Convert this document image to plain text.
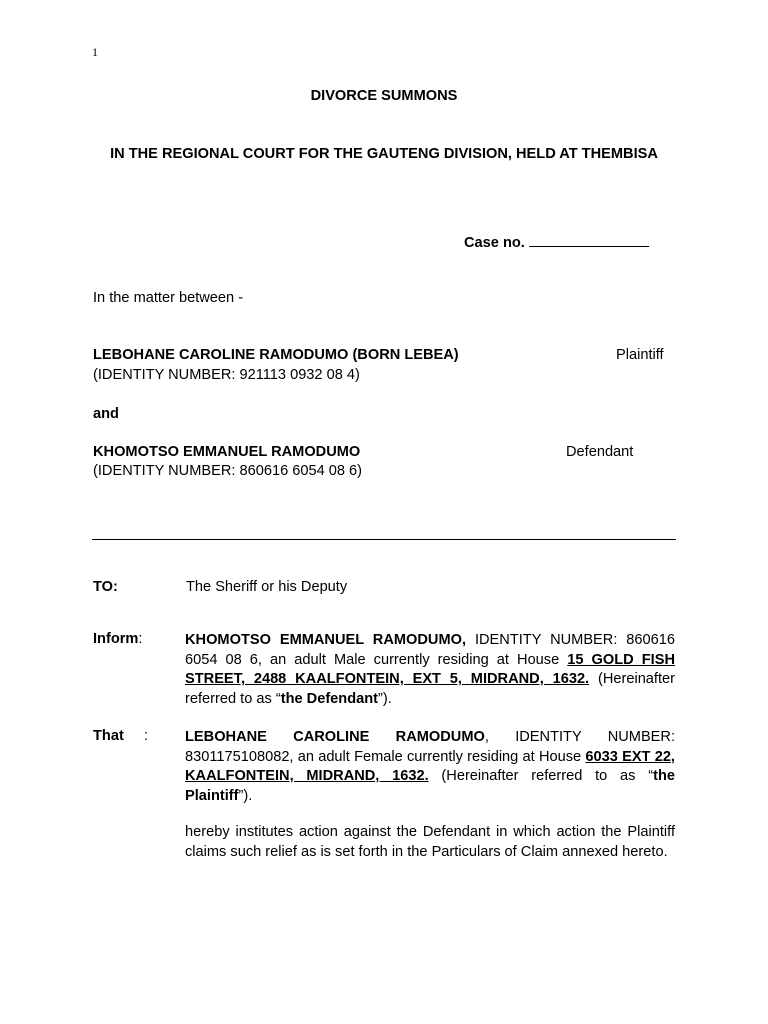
1
DIVORCE SUMMONS
IN THE REGIONAL COURT FOR THE GAUTENG DIVISION, HELD AT THEMBISA
Case no.
In the matter between -
LEBOHANE CAROLINE RAMODUMO (BORN LEBEA)	Plaintiff
(IDENTITY NUMBER: 921113 0932 08 4)
and
KHOMOTSO EMMANUEL RAMODUMO	Defendant
(IDENTITY NUMBER: 860616 6054 08 6)
TO:	The Sheriff or his Deputy
Inform:	KHOMOTSO EMMANUEL RAMODUMO, IDENTITY NUMBER: 860616 6054 08 6, an adult Male currently residing at House 15 GOLD FISH STREET, 2488 KAALFONTEIN, EXT 5, MIDRAND, 1632. (Hereinafter referred to as “the Defendant”).
That :	LEBOHANE CAROLINE RAMODUMO, IDENTITY NUMBER: 8301175108082, an adult Female currently residing at House 6033 EXT 22, KAALFONTEIN, MIDRAND, 1632. (Hereinafter referred to as “the Plaintiff”).
hereby institutes action against the Defendant in which action the Plaintiff claims such relief as is set forth in the Particulars of Claim annexed hereto.
